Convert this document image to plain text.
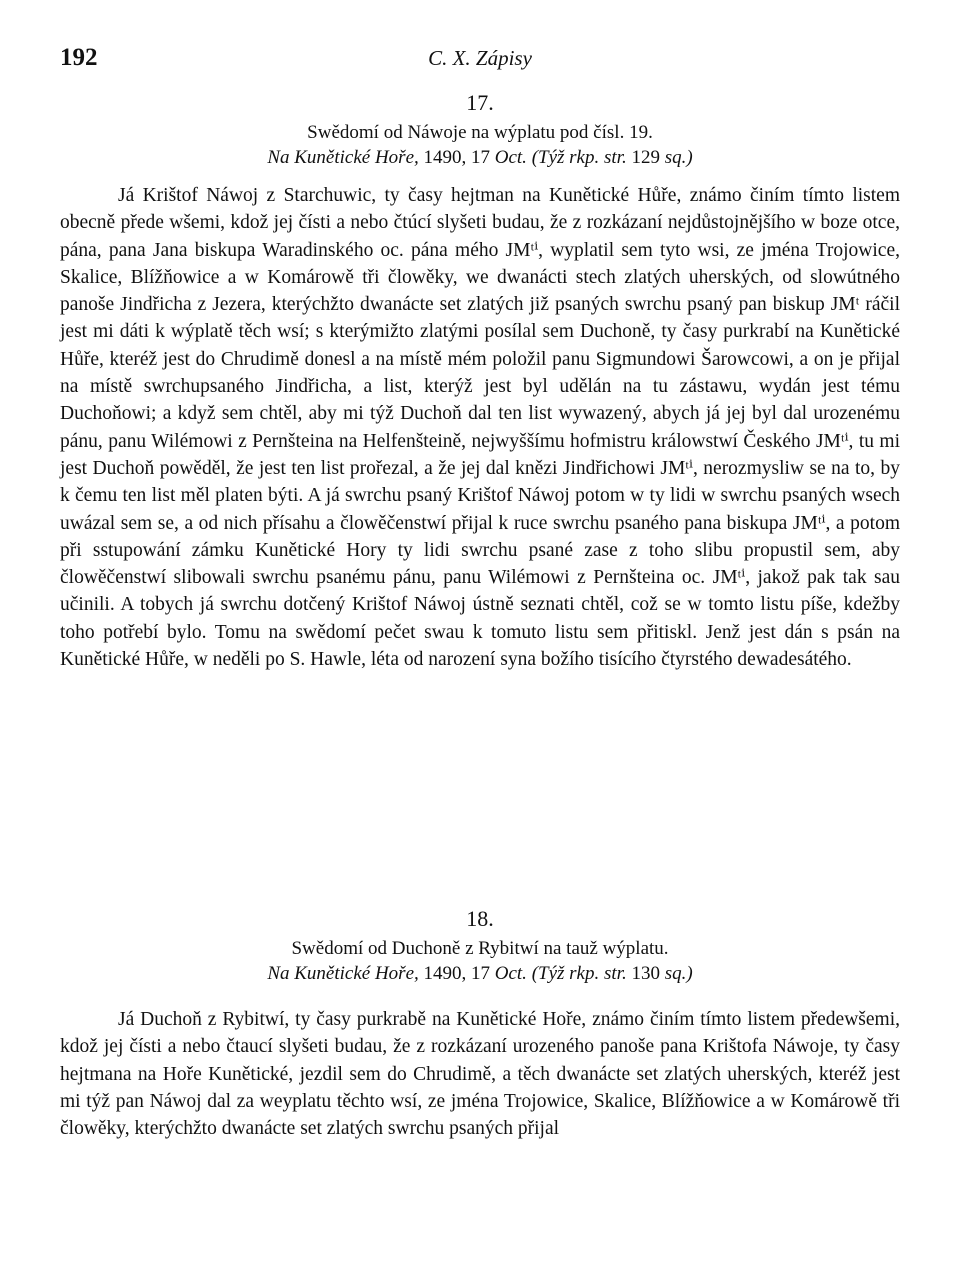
192	C. X. Zápisy
17.
Swědomí od Náwoje na wýplatu pod čísl. 19.
Na Kunětické Hoře, 1490, 17 Oct. (Týž rkp. str. 129 sq.)

Já Krištof Náwoj z Starchuwic, ty časy hejtman na Kunětické Hůře, známo činím tímto listem obecně přede wšemi, kdož jej čísti a nebo čtúcí slyšeti budau, že z rozkázaní nejdůstojnějšího w boze otce, pána, pana Jana biskupa Waradinského oc. pána mého JMᵗⁱ, wyplatil sem tyto wsi, ze jména Trojowice, Skalice, Blížňowice a w Komárowě tři člowěky, we dwanácti stech zlatých uherských, od slowútného panoše Jindřicha z Jezera, kterýchžto dwanácte set zlatých již psaných swrchu psaný pan biskup JMᵗ ráčil jest mi dáti k wýplatě těch wsí; s kterýmižto zlatými posílal sem Duchoně, ty časy purkrabí na Kunětické Hůře, kteréž jest do Chrudimě donesl a na místě mém položil panu Sigmundowi Šarowcowi, a on je přijal na místě swrchupsaného Jindřicha, a list, kterýž jest byl udělán na tu zástawu, wydán jest tému Duchoňowi; a když sem chtěl, aby mi týž Duchoň dal ten list wywazený, abych já jej byl dal urozenému pánu, panu Wilémowi z Pernšteina na Helfenšteině, nejwyššímu hofmistru králowstwí Českého JMᵗⁱ, tu mi jest Duchoň powěděl, že jest ten list prořezal, a že jej dal knězi Jindřichowi JMᵗⁱ, nerozmysliw se na to, by k čemu ten list měl platen býti. A já swrchu psaný Krištof Náwoj potom w ty lidi w swrchu psaných wsech uwázal sem se, a od nich přísahu a člowěčenstwí přijal k ruce swrchu psaného pana biskupa JMᵗⁱ, a potom při sstupowání zámku Kunětické Hory ty lidi swrchu psané zase z toho slibu propustil sem, aby člowěčenstwí slibowali swrchu psanému pánu, panu Wilémowi z Pernšteina oc. JMᵗⁱ, jakož pak tak sau učinili. A tobych já swrchu dotčený Krištof Náwoj ústně seznati chtěl, což se w tomto listu píše, kdežby toho potřebí bylo. Tomu na swědomí pečet swau k tomuto listu sem přitiskl. Jenž jest dán s psán na Kunětické Hůře, w neděli po S. Hawle, léta od narození syna božího tisícího čtyrstého dewadesátého.

18.
Swědomí od Duchoně z Rybitwí na tauž wýplatu.
Na Kunětické Hoře, 1490, 17 Oct. (Týž rkp. str. 130 sq.)

Já Duchoň z Rybitwí, ty časy purkrabě na Kunětické Hoře, známo činím tímto listem předewšemi, kdož jej čísti a nebo čtaucí slyšeti budau, že z rozkázaní urozeného panoše pana Krištofa Náwoje, ty časy hejtmana na Hoře Kunětické, jezdil sem do Chrudimě, a těch dwanácte set zlatých uherských, kteréž jest mi týž pan Náwoj dal za weyplatu těchto wsí, ze jména Trojowice, Skalice, Blížňowice a w Komárowě tři člowěky, kterýchžto dwanácte set zlatých swrchu psaných přijal
